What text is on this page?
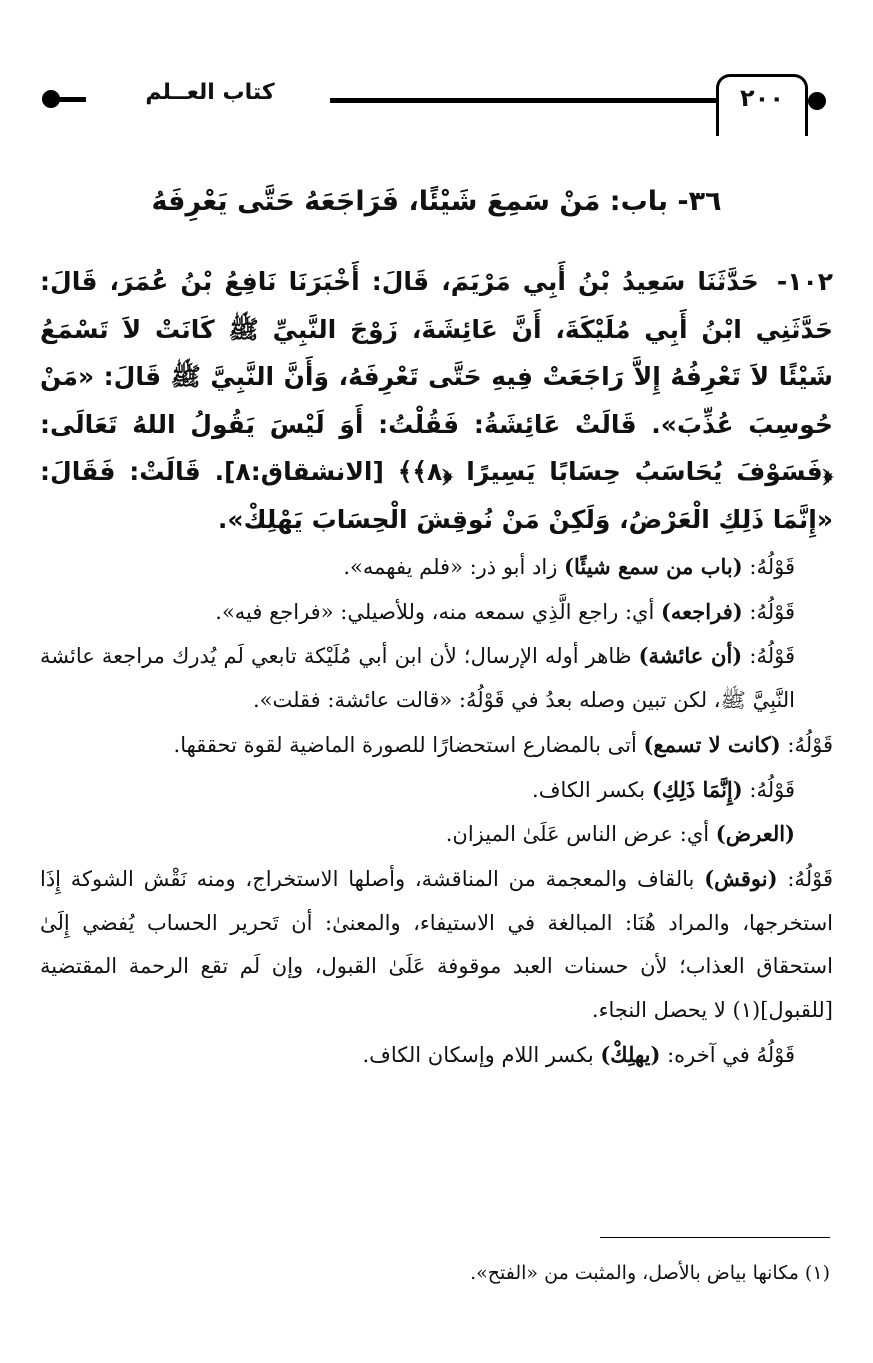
كتاب العــلم	٢٠٠
٣٦- باب: مَنْ سَمِعَ شَيْئًا، فَرَاجَعَهُ حَتَّى يَعْرِفَهُ
١٠٢- حَدَّثَنَا سَعِيدُ بْنُ أَبِي مَرْيَمَ، قَالَ: أَخْبَرَنَا نَافِعُ بْنُ عُمَرَ، قَالَ: حَدَّثَنِي ابْنُ أَبِي مُلَيْكَةَ، أَنَّ عَائِشَةَ، زَوْجَ النَّبِيِّ ﷺ كَانَتْ لاَ تَسْمَعُ شَيْئًا لاَ تَعْرِفُهُ إِلاَّ رَاجَعَتْ فِيهِ حَتَّى تَعْرِفَهُ، وَأَنَّ النَّبِيَّ ﷺ قَالَ: «مَنْ حُوسِبَ عُذِّبَ». قَالَتْ عَائِشَةُ: فَقُلْتُ: أَوَ لَيْسَ يَقُولُ اللهُ تَعَالَى: ﴿فَسَوْفَ يُحَاسَبُ حِسَابًا يَسِيرًا ﴿٨﴾﴾ [الانشقاق:٨]. قَالَتْ: فَقَالَ: «إِنَّمَا ذَلِكِ الْعَرْضُ، وَلَكِنْ مَنْ نُوقِشَ الْحِسَابَ يَهْلِكْ».

قَوْلُهُ: (باب من سمع شيئًا) زاد أبو ذر: «فلم يفهمه».

قَوْلُهُ: (فراجعه) أي: راجع الَّذِي سمعه منه، وللأصيلي: «فراجع فيه».

قَوْلُهُ: (أن عائشة) ظاهر أوله الإرسال؛ لأن ابن أبي مُلَيْكة تابعي لَم يُدرك مراجعة عائشة النَّبِيَّ ﷺ، لكن تبين وصله بعدُ في قَوْلُهُ: «قالت عائشة: فقلت».

قَوْلُهُ: (كانت لا تسمع) أتى بالمضارع استحضارًا للصورة الماضية لقوة تحققها.

قَوْلُهُ: (إِنَّمَا ذَلِكِ) بكسر الكاف.

(العرض) أي: عرض الناس عَلَىٰ الميزان.

قَوْلُهُ: (نوقش) بالقاف والمعجمة من المناقشة، وأصلها الاستخراج، ومنه نَقْش الشوكة إِذَا استخرجها، والمراد هُنَا: المبالغة في الاستيفاء، والمعنىٰ: أن تَحرير الحساب يُفضي إِلَىٰ استحقاق العذاب؛ لأن حسنات العبد موقوفة عَلَىٰ القبول، وإن لَم تقع الرحمة المقتضية [للقبول](١) لا يحصل النجاء.

قَوْلُهُ في آخره: (يهلِكْ) بكسر اللام وإسكان الكاف.

(١) مكانها بياض بالأصل، والمثبت من «الفتح».
